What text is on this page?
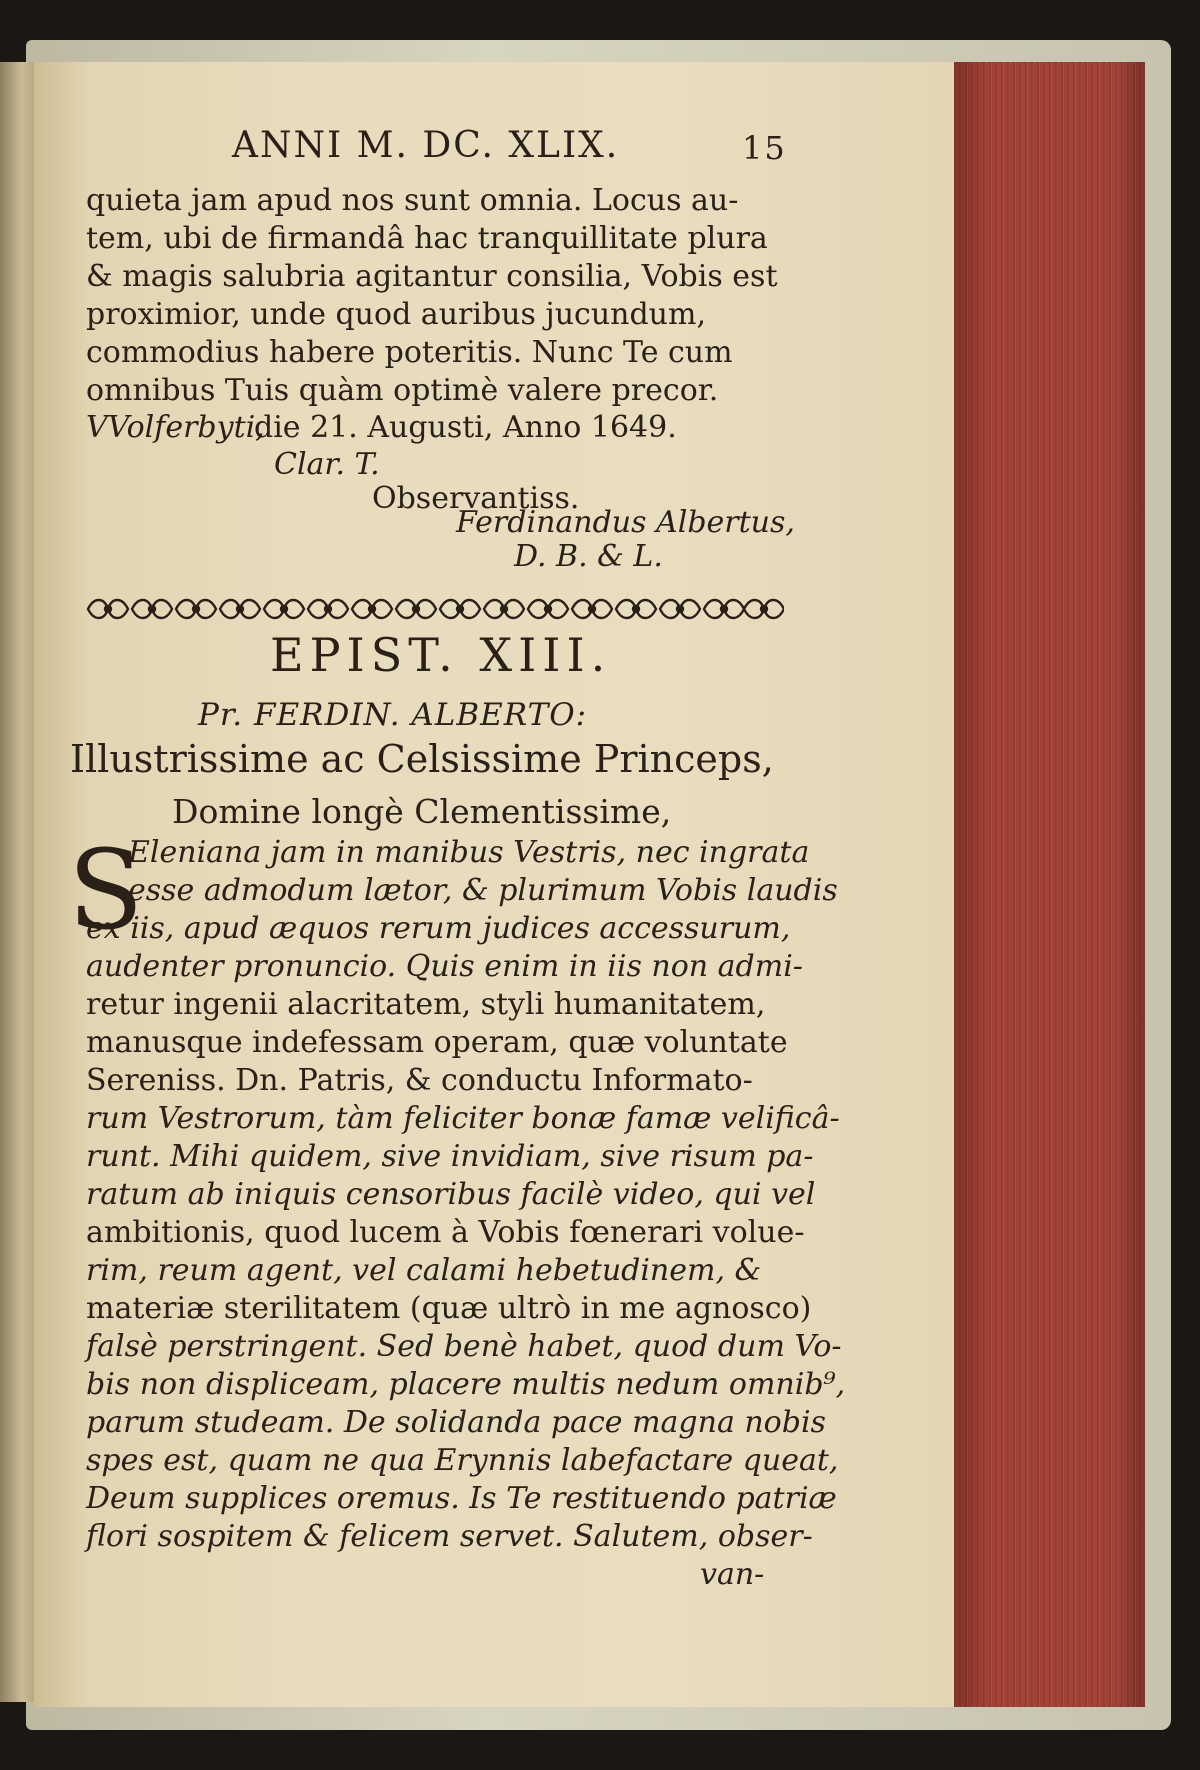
ANNI M. DC. XLIX.	15
quieta jam apud nos sunt omnia. Locus au-
tem, ubi de firmandâ hac tranquillitate plura
& magis salubria agitantur consilia, Vobis est
proximior, unde quod auribus jucundum,
commodius habere poteritis. Nunc Te cum
omnibus Tuis quàm optimè valere precor.
VVolferbyti,
die 21. Augusti, Anno 1649.
Clar. T.
Observantiss.
Ferdinandus Albertus,
D. B. & L.
EPIST. XIII.
Pr. FERDIN. ALBERTO:
Illustrissime ac Celsissime Princeps,
Domine longè Clementissime,
S
Eleniana jam in manibus Vestris, nec ingrata
esse admodum lætor, & plurimum Vobis laudis
ex iis, apud æquos rerum judices accessurum,
audenter pronuncio. Quis enim in iis non admi-
retur ingenii alacritatem, styli humanitatem,
manusque indefessam operam, quæ voluntate
Sereniss. Dn. Patris, & conductu Informato-
rum Vestrorum, tàm feliciter bonæ famæ velificâ-
runt. Mihi quidem, sive invidiam, sive risum pa-
ratum ab iniquis censoribus facilè video, qui vel
ambitionis, quod lucem à Vobis fœnerari volue-
rim, reum agent, vel calami hebetudinem, &
materiæ sterilitatem (quæ ultrò in me agnosco)
falsè perstringent. Sed benè habet, quod dum Vo-
bis non displiceam, placere multis nedum omnib⁹,
parum studeam. De solidanda pace magna nobis
spes est, quam ne qua Erynnis labefactare queat,
Deum supplices oremus. Is Te restituendo patriæ
flori sospitem & felicem servet. Salutem, obser-
van-
